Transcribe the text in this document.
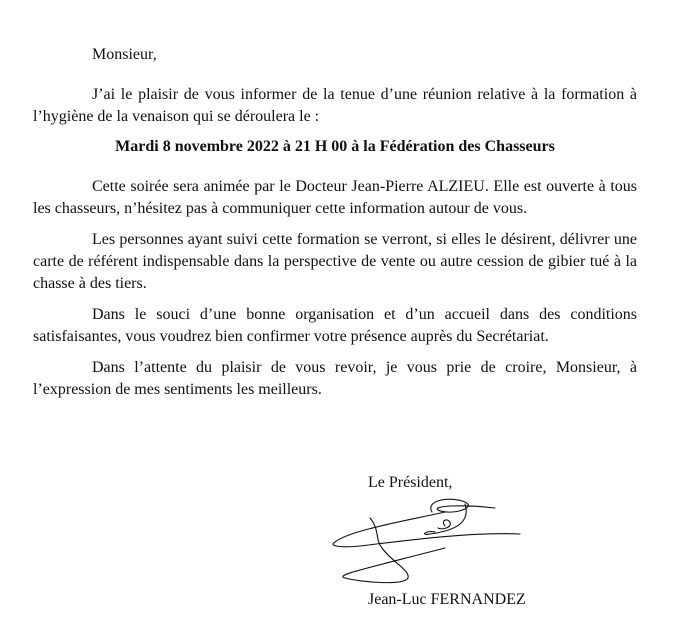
Monsieur,

J’ai le plaisir de vous informer de la tenue d’une réunion relative à la formation à l’hygiène de la venaison qui se déroulera le :

Mardi 8 novembre 2022 à 21 H 00 à la Fédération des Chasseurs

Cette soirée sera animée par le Docteur Jean-Pierre ALZIEU. Elle est ouverte à tous les chasseurs, n’hésitez pas à communiquer cette information autour de vous.

Les personnes ayant suivi cette formation se verront, si elles le désirent, délivrer une carte de référent indispensable dans la perspective de vente ou autre cession de gibier tué à la chasse à des tiers.

Dans le souci d’une bonne organisation et d’un accueil dans des conditions satisfaisantes, vous voudrez bien confirmer votre présence auprès du Secrétariat.

Dans l’attente du plaisir de vous revoir, je vous prie de croire, Monsieur, à l’expression de mes sentiments les meilleurs.

Le Président,
Jean-Luc FERNANDEZ
